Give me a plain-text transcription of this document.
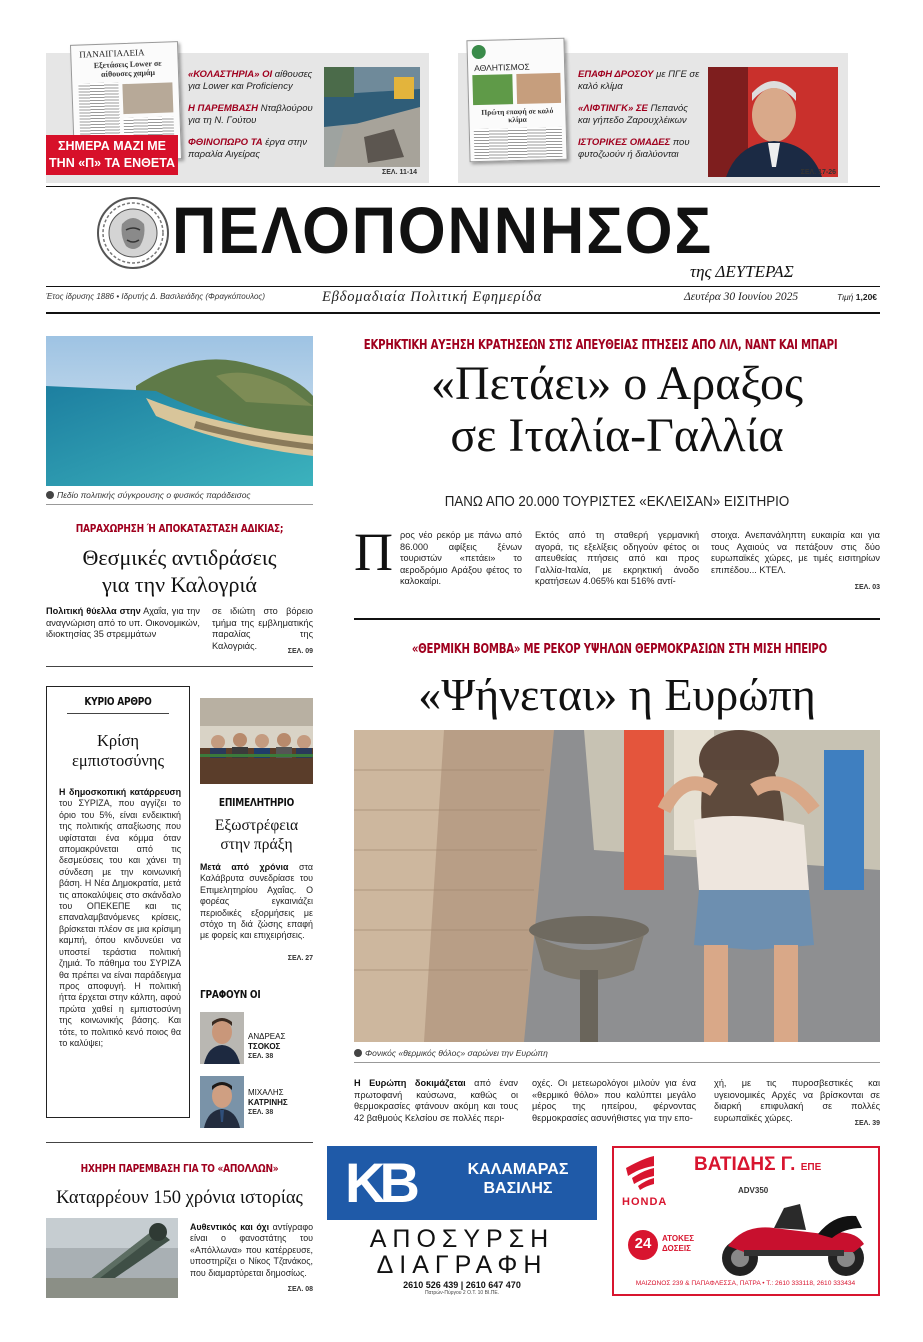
ΠΑΝΑΙΓΙΑΛΕΙΑ
Εξετάσεις Lower σε αίθουσες χαμάμ
ΣΗΜΕΡΑ ΜΑΖΙ ΜΕ
ΤΗΝ «Π» ΤΑ ΕΝΘΕΤΑ
«ΚΟΛΑΣΤΗΡΙΑ» ΟΙ αίθουσες για Lower και Proficiency
Η ΠΑΡΕΜΒΑΣΗ Νταβλούρου για τη Ν. Γούτου
ΦΘΙΝΟΠΩΡΟ ΤΑ έργα στην παραλία Αιγείρας
ΣΕΛ. 11-14
ΑΘΛΗΤΙΣΜΟΣ
Πρώτη επαφή σε καλό κλίμα
ΕΠΑΦΗ ΔΡΟΣΟΥ με ΠΓΕ σε καλό κλίμα
«ΛΙΦΤΙΝΓΚ» ΣΕ Πεπανός και γήπεδο Ζαρουχλέικων
ΙΣΤΟΡΙΚΕΣ ΟΜΑΔΕΣ που φυτοζωούν ή διαλύονται
ΣΕΛ. 17-26
ΠΕΛΟΠΟΝΝΗΣΟΣ
της ΔΕΥΤΕΡΑΣ
Έτος ίδρυσης 1886 • Ιδρυτής Δ. Βασιλειάδης (Φραγκόπουλος)	Εβδομαδιαία Πολιτική Εφημερίδα	Δευτέρα 30 Ιουνίου 2025	Τιμή 1,20€
Πεδίο πολιτικής σύγκρουσης ο φυσικός παράδεισος
ΠΑΡΑΧΩΡΗΣΗ Ή ΑΠΟΚΑΤΑΣΤΑΣΗ ΑΔΙΚΙΑΣ;
Θεσμικές αντιδράσεις
για την Καλογριά
Πολιτική θύελλα στην Αχαΐα, για την αναγνώριση από το υπ. Οικονομικών, ιδιοκτησίας 35 στρεμμάτων
σε ιδιώτη στο βόρειο τμήμα της εμβληματικής παραλίας της Καλογριάς.
ΣΕΛ. 09
ΚΥΡΙΟ ΑΡΘΡΟ
Κρίση
εμπιστοσύνης
Η δημοσκοπική κατάρρευση του ΣΥΡΙΖΑ, που αγγίζει το όριο του 5%, είναι ενδεικτική της πολιτικής απαξίωσης που υφίσταται ένα κόμμα όταν απομακρύνεται από τις δεσμεύσεις του και χάνει τη σύνδεση με την κοινωνική βάση. Η Νέα Δημοκρατία, μετά τις αποκαλύψεις στο σκάνδαλο του ΟΠΕΚΕΠΕ και τις επαναλαμβανόμενες κρίσεις, βρίσκεται πλέον σε μια κρίσιμη καμπή, όπου κινδυνεύει να υποστεί τεράστια πολιτική ζημιά. Το πάθημα του ΣΥΡΙΖΑ θα πρέπει να είναι παράδειγμα προς αποφυγή. Η πολιτική ήττα έρχεται στην κάλπη, αφού πρώτα χαθεί η εμπιστοσύνη της κοινωνικής βάσης. Και τότε, το πολιτικό κενό ποιος θα το καλύψει;
ΕΠΙΜΕΛΗΤΗΡΙΟ
Εξωστρέφεια
στην πράξη
Μετά από χρόνια στα Καλάβρυτα συνεδρίασε του Επιμελητηρίου Αχαΐας. Ο φορέας εγκαινιάζει περιοδικές εξορμήσεις με στόχο τη διά ζώσης επαφή με φορείς και επιχειρήσεις.
ΣΕΛ. 27
ΓΡΑΦΟΥΝ ΟΙ
ΑΝΔΡΕΑΣ
ΤΣΟΚΟΣ
ΣΕΛ. 38
ΜΙΧΑΛΗΣ
ΚΑΤΡΙΝΗΣ
ΣΕΛ. 38
ΕΚΡΗΚΤΙΚΗ ΑΥΞΗΣΗ ΚΡΑΤΗΣΕΩΝ ΣΤΙΣ ΑΠΕΥΘΕΙΑΣ ΠΤΗΣΕΙΣ ΑΠΟ ΛΙΛ, ΝΑΝΤ ΚΑΙ ΜΠΑΡΙ
«Πετάει» ο Αραξος
σε Ιταλία-Γαλλία
ΠΑΝΩ ΑΠΟ 20.000 ΤΟΥΡΙΣΤΕΣ «ΕΚΛΕΙΣΑΝ» ΕΙΣΙΤΗΡΙΟ
Π ρος νέο ρεκόρ με πάνω από 86.000 αφίξεις ξένων τουριστών «πετάει» το αεροδρόμιο Αράξου φέτος το καλοκαίρι.
Εκτός από τη σταθερή γερμανική αγορά, τις εξελίξεις οδηγούν φέτος οι απευθείας πτήσεις από και προς Γαλλία-Ιταλία, με εκρηκτική άνοδο κρατήσεων 4.065% και 516% αντί-
στοιχα. Ανεπανάληπτη ευκαιρία και για τους Αχαιούς να πετάξουν στις δύο ευρωπαϊκές χώρες, με τιμές εισιτηρίων επιπέδου... ΚΤΕΛ.
ΣΕΛ. 03
«ΘΕΡΜΙΚΗ ΒΟΜΒΑ» ΜΕ ΡΕΚΟΡ ΥΨΗΛΩΝ ΘΕΡΜΟΚΡΑΣΙΩΝ ΣΤΗ ΜΙΣΗ ΗΠΕΙΡΟ
«Ψήνεται» η Ευρώπη
Φονικός «θερμικός θόλος» σαρώνει την Ευρώπη
Η Ευρώπη δοκιμάζεται από έναν πρωτοφανή καύσωνα, καθώς οι θερμοκρασίες φτάνουν ακόμη και τους 42 βαθμούς Κελσίου σε πολλές περι-
οχές. Οι μετεωρολόγοι μιλούν για ένα «θερμικό θόλο» που καλύπτει μεγάλο μέρος της ηπείρου, φέρνοντας θερμοκρασίες ασυνήθιστες για την επο-
χή, με τις πυροσβεστικές και υγειονομικές Αρχές να βρίσκονται σε διαρκή επιφυλακή σε πολλές ευρωπαϊκές χώρες.
ΣΕΛ. 39
ΗΧΗΡΗ ΠΑΡΕΜΒΑΣΗ ΓΙΑ ΤΟ «ΑΠΟΛΛΩΝ»
Καταρρέουν 150 χρόνια ιστορίας
Αυθεντικός και όχι αντίγραφο είναι ο φανοστάτης του «Απόλλωνα» που κατέρρευσε, υποστηρίζει ο Νίκος Τζανάκος, που διαμαρτύρεται δημοσίως.
ΣΕΛ. 08
ΚΒ	ΚΑΛΑΜΑΡΑΣ
ΒΑΣΙΛΗΣ
ΑΠΟΣΥΡΣΗ
ΔΙΑΓΡΑΦΗ
2610 526 439 | 2610 647 470
Πατρών-Πύργου 2 Ο.Τ. 10 ΒΙ.ΠΕ.
HONDA
ΒΑΤΙΔΗΣ Γ. ΕΠΕ
ADV350
24	ΑΤΟΚΕΣ
ΔΟΣΕΙΣ
ΜΑΙΖΩΝΟΣ 239 & ΠΑΠΑΦΛΕΣΣΑ, ΠΑΤΡΑ • Τ.: 2610 333118, 2610 333434
